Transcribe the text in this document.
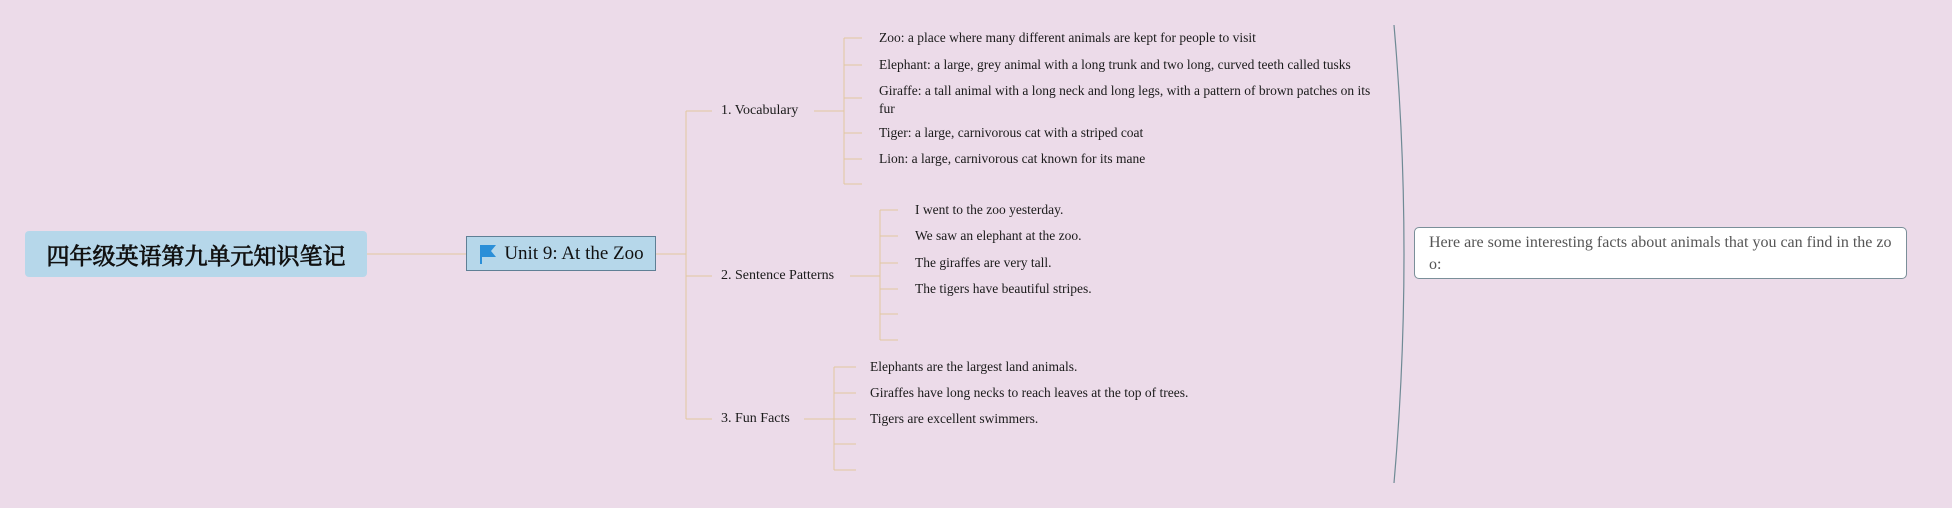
四年级英语第九单元知识笔记	Unit 9: At the Zoo
1. Vocabulary
2. Sentence Patterns
3. Fun Facts
Zoo: a place where many different animals are kept for people to visit
Elephant: a large, grey animal with a long trunk and two long, curved teeth called tusks
Giraffe: a tall animal with a long neck and long legs, with a pattern of brown patches on its fur
Tiger: a large, carnivorous cat with a striped coat
Lion: a large, carnivorous cat known for its mane
I went to the zoo yesterday.
We saw an elephant at the zoo.
The giraffes are very tall.
The tigers have beautiful stripes.
Elephants are the largest land animals.
Giraffes have long necks to reach leaves at the top of trees.
Tigers are excellent swimmers.
Here are some interesting facts about animals that you can find in the zoo:
